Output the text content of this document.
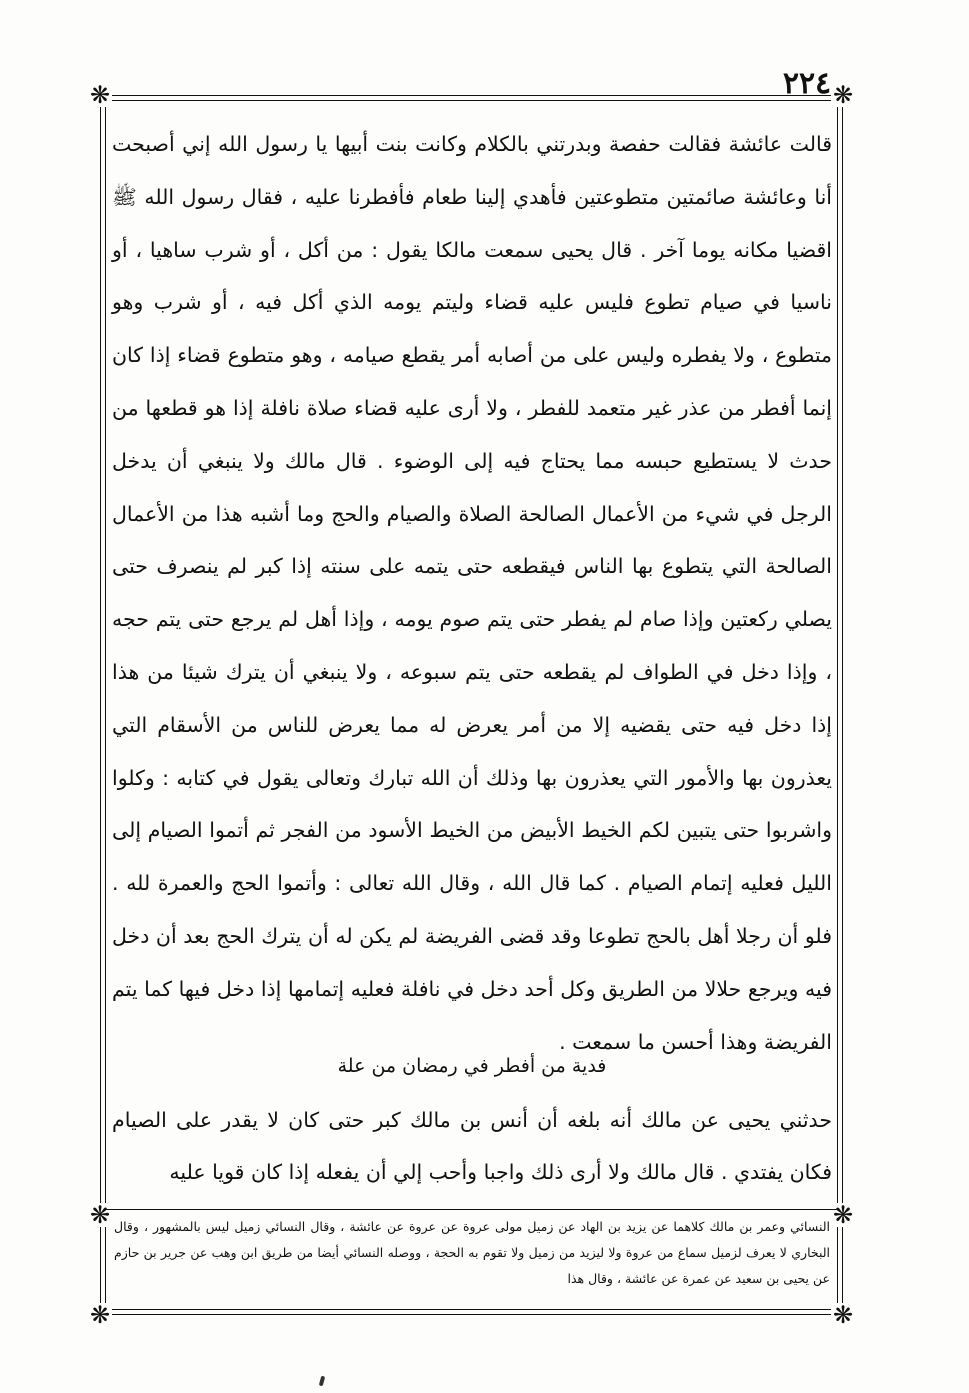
٢٢٤
❋	❋
❋	❋
❋	❋
قالت عائشة فقالت حفصة وبدرتني بالكلام وكانت بنت أبيها يا رسول الله إني أصبحت أنا وعائشة صائمتين متطوعتين فأهدي إلينا طعام فأفطرنا عليه ، فقال رسول الله ﷺ اقضيا مكانه يوما آخر . قال يحيى سمعت مالكا يقول : من أكل ، أو شرب ساهيا ، أو ناسيا في صيام تطوع فليس عليه قضاء وليتم يومه الذي أكل فيه ، أو شرب وهو متطوع ، ولا يفطره وليس على من أصابه أمر يقطع صيامه ، وهو متطوع قضاء إذا كان إنما أفطر من عذر غير متعمد للفطر ، ولا أرى عليه قضاء صلاة نافلة إذا هو قطعها من حدث لا يستطيع حبسه مما يحتاج فيه إلى الوضوء . قال مالك ولا ينبغي أن يدخل الرجل في شيء من الأعمال الصالحة الصلاة والصيام والحج وما أشبه هذا من الأعمال الصالحة التي يتطوع بها الناس فيقطعه حتى يتمه على سنته إذا كبر لم ينصرف حتى يصلي ركعتين وإذا صام لم يفطر حتى يتم صوم يومه ، وإذا أهل لم يرجع حتى يتم حجه ، وإذا دخل في الطواف لم يقطعه حتى يتم سبوعه ، ولا ينبغي أن يترك شيئا من هذا إذا دخل فيه حتى يقضيه إلا من أمر يعرض له مما يعرض للناس من الأسقام التي يعذرون بها والأمور التي يعذرون بها وذلك أن الله تبارك وتعالى يقول في كتابه : وكلوا واشربوا حتى يتبين لكم الخيط الأبيض من الخيط الأسود من الفجر ثم أتموا الصيام إلى الليل فعليه إتمام الصيام . كما قال الله ، وقال الله تعالى : وأتموا الحج والعمرة لله . فلو أن رجلا أهل بالحج تطوعا وقد قضى الفريضة لم يكن له أن يترك الحج بعد أن دخل فيه ويرجع حلالا من الطريق وكل أحد دخل في نافلة فعليه إتمامها إذا دخل فيها كما يتم الفريضة وهذا أحسن ما سمعت .
فدية من أفطر في رمضان من علة
حدثني يحيى عن مالك أنه بلغه أن أنس بن مالك كبر حتى كان لا يقدر على الصيام فكان يفتدي . قال مالك ولا أرى ذلك واجبا وأحب إلي أن يفعله إذا كان قويا عليه
النسائي وعمر بن مالك كلاهما عن يزيد بن الهاد عن زميل مولى عروة عن عروة عن عائشة ، وقال النسائي زميل ليس بالمشهور ، وقال البخاري لا يعرف لزميل سماع من عروة ولا ليزيد من زميل ولا تقوم به الحجة ، ووصله النسائي أيضا من طريق ابن وهب عن جرير بن حازم عن يحيى بن سعيد عن عمرة عن عائشة ، وقال هذا
